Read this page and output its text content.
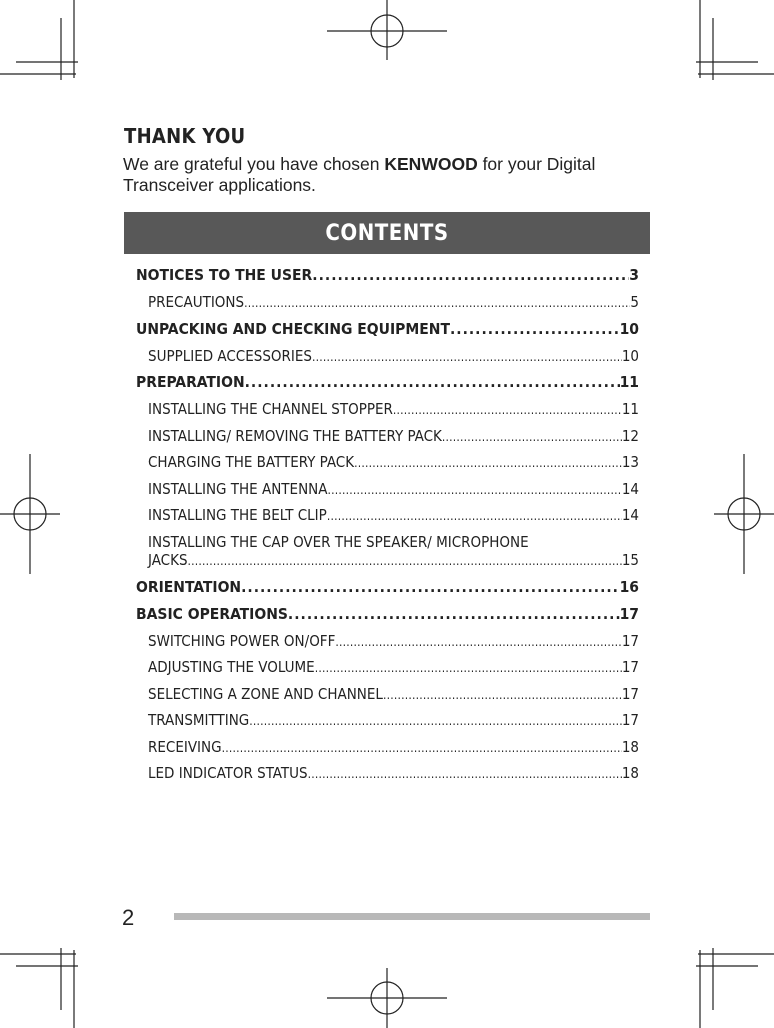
THANK YOU
We are grateful you have chosen KENWOOD for your Digital Transceiver applications.
CONTENTS
NOTICES TO THE USER .....	3
PRECAUTIONS .....	5
UNPACKING AND CHECKING EQUIPMENT .....	10
SUPPLIED ACCESSORIES .....	10
PREPARATION .....	11
INSTALLING THE CHANNEL STOPPER .....	11
INSTALLING/ REMOVING THE BATTERY PACK .....	12
CHARGING THE BATTERY PACK .....	13
INSTALLING THE ANTENNA .....	14
INSTALLING THE BELT CLIP .....	14
INSTALLING THE CAP OVER THE SPEAKER/ MICROPHONE
JACKS .....	15
ORIENTATION .....	16
BASIC OPERATIONS .....	17
SWITCHING POWER ON/OFF .....	17
ADJUSTING THE VOLUME .....	17
SELECTING A ZONE AND CHANNEL .....	17
TRANSMITTING .....	17
RECEIVING .....	18
LED INDICATOR STATUS .....	18
2
